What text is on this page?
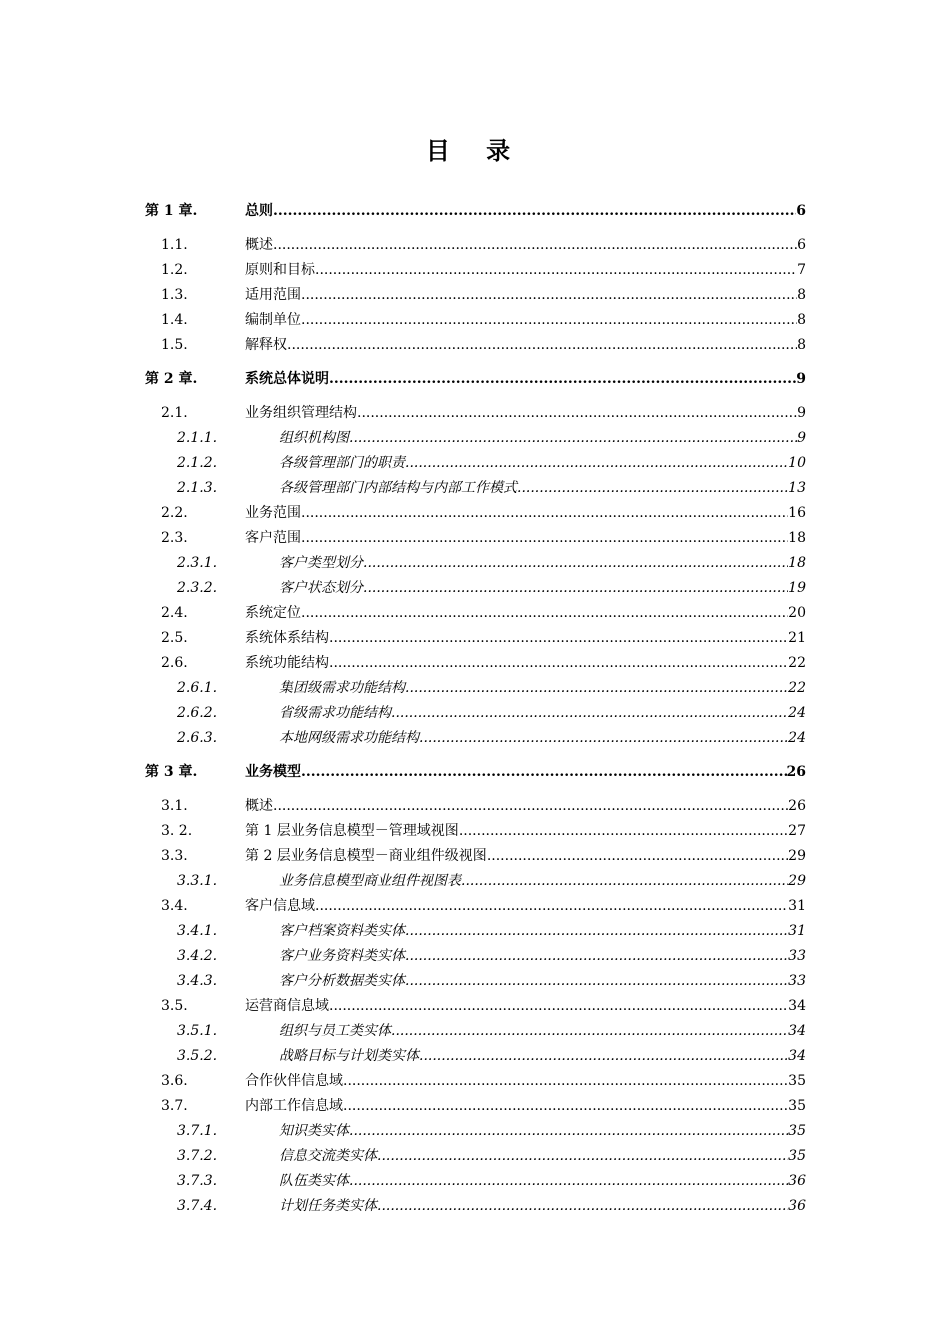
目 录
第 1 章.	总则 .....	6
1.1.	概述 .....	6
1.2.	原则和目标 .....	7
1.3.	适用范围 .....	8
1.4.	编制单位 .....	8
1.5.	解释权 .....	8
第 2 章.	系统总体说明 .....	9
2.1.	业务组织管理结构 .....	9
2.1.1.	组织机构图 .....	9
2.1.2.	各级管理部门的职责 .....	10
2.1.3.	各级管理部门内部结构与内部工作模式 .....	13
2.2.	业务范围 .....	16
2.3.	客户范围 .....	18
2.3.1.	客户类型划分 .....	18
2.3.2.	客户状态划分 .....	19
2.4.	系统定位 .....	20
2.5.	系统体系结构 .....	21
2.6.	系统功能结构 .....	22
2.6.1.	集团级需求功能结构 .....	22
2.6.2.	省级需求功能结构 .....	24
2.6.3.	本地网级需求功能结构 .....	24
第 3 章.	业务模型 .....	26
3.1.	概述 .....	26
3. 2.	第 1 层业务信息模型－管理域视图 .....	27
3.3.	第 2 层业务信息模型－商业组件级视图 .....	29
3.3.1.	业务信息模型商业组件视图表 .....	29
3.4.	客户信息域 .....	31
3.4.1.	客户档案资料类实体 .....	31
3.4.2.	客户业务资料类实体 .....	33
3.4.3.	客户分析数据类实体 .....	33
3.5.	运营商信息域 .....	34
3.5.1.	组织与员工类实体 .....	34
3.5.2.	战略目标与计划类实体 .....	34
3.6.	合作伙伴信息域 .....	35
3.7.	内部工作信息域 .....	35
3.7.1.	知识类实体 .....	35
3.7.2.	信息交流类实体 .....	35
3.7.3.	队伍类实体 .....	36
3.7.4.	计划任务类实体 .....	36
